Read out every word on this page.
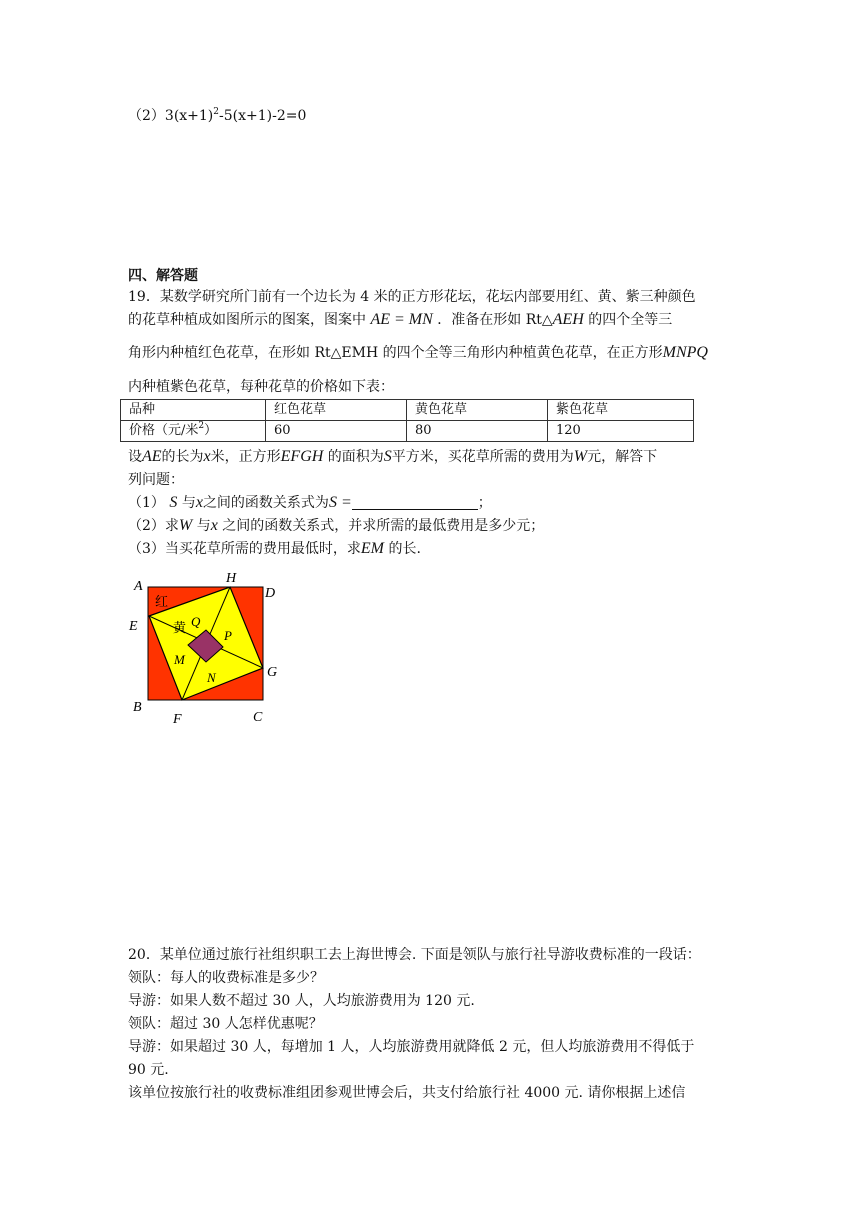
$(2)3(x+1)^2-5(x+1)-2=0$
四、解答题
19．某数学研究所门前有一个边长为 4 米的正方形花坛，花坛内部要用红、黄、紫三种颜色
的花草种植成如图所示的图案，图案中 AE = MN ．准备在形如 Rt△AEH 的四个全等三
角形内种植红色花草，在形如 Rt△EMH 的四个全等三角形内种植黄色花草，在正方形MNPQ
内种植紫色花草，每种花草的价格如下表：
品种	红色花草	黄色花草	紫色花草
价格（元/米$^2$）	60	80	120
设AE的长为x米，正方形EFGH 的面积为S平方米，买花草所需的费用为W元，解答下
列问题：
（1） S 与x之间的函数关系式为S =	；
（2）求W 与x 之间的函数关系式，并求所需的最低费用是多少元；
（3）当买花草所需的费用最低时，求EM 的长.
A
H
D
E
G
B
F	C
Q
P
M
N
红
黄
20．某单位通过旅行社组织职工去上海世博会. 下面是领队与旅行社导游收费标准的一段话：
领队：每人的收费标准是多少？
导游：如果人数不超过 30 人，人均旅游费用为 120 元.
领队：超过 30 人怎样优惠呢？
导游：如果超过 30 人，每增加 1 人，人均旅游费用就降低 2 元，但人均旅游费用不得低于
90 元.
该单位按旅行社的收费标准组团参观世博会后，共支付给旅行社 4000 元. 请你根据上述信
